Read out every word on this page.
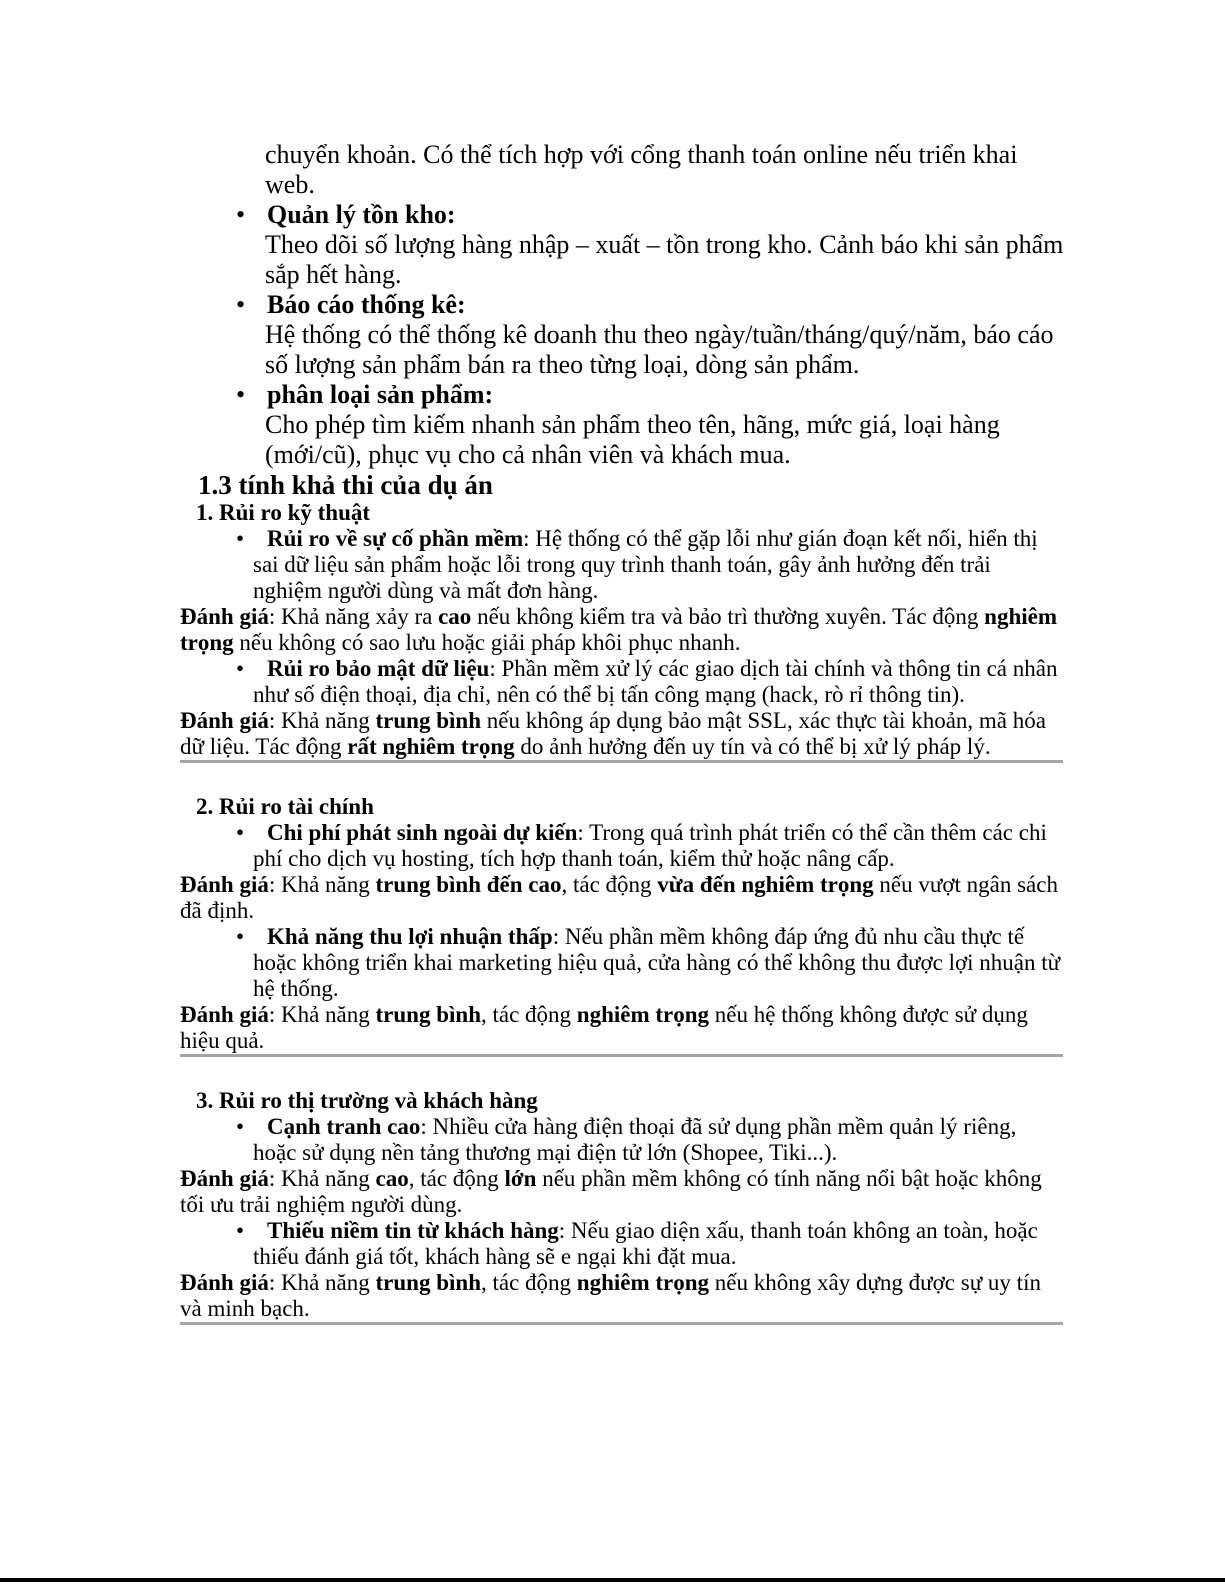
chuyển khoản. Có thể tích hợp với cổng thanh toán online nếu triển khai web.

• Quản lý tồn kho:

Theo dõi số lượng hàng nhập – xuất – tồn trong kho. Cảnh báo khi sản phẩm sắp hết hàng.

• Báo cáo thống kê:

Hệ thống có thể thống kê doanh thu theo ngày/tuần/tháng/quý/năm, báo cáo số lượng sản phẩm bán ra theo từng loại, dòng sản phẩm.

• phân loại sản phẩm:

Cho phép tìm kiếm nhanh sản phẩm theo tên, hãng, mức giá, loại hàng (mới/cũ), phục vụ cho cả nhân viên và khách mua.

1.3 tính khả thi của dụ án
1. Rủi ro kỹ thuật

• Rủi ro về sự cố phần mềm: Hệ thống có thể gặp lỗi như gián đoạn kết nối, hiển thị sai dữ liệu sản phẩm hoặc lỗi trong quy trình thanh toán, gây ảnh hưởng đến trải nghiệm người dùng và mất đơn hàng.

Đánh giá: Khả năng xảy ra cao nếu không kiểm tra và bảo trì thường xuyên. Tác động nghiêm trọng nếu không có sao lưu hoặc giải pháp khôi phục nhanh.

• Rủi ro bảo mật dữ liệu: Phần mềm xử lý các giao dịch tài chính và thông tin cá nhân như số điện thoại, địa chỉ, nên có thể bị tấn công mạng (hack, rò rỉ thông tin).

Đánh giá: Khả năng trung bình nếu không áp dụng bảo mật SSL, xác thực tài khoản, mã hóa dữ liệu. Tác động rất nghiêm trọng do ảnh hưởng đến uy tín và có thể bị xử lý pháp lý.

2. Rủi ro tài chính

• Chi phí phát sinh ngoài dự kiến: Trong quá trình phát triển có thể cần thêm các chi phí cho dịch vụ hosting, tích hợp thanh toán, kiểm thử hoặc nâng cấp.

Đánh giá: Khả năng trung bình đến cao, tác động vừa đến nghiêm trọng nếu vượt ngân sách đã định.

• Khả năng thu lợi nhuận thấp: Nếu phần mềm không đáp ứng đủ nhu cầu thực tế hoặc không triển khai marketing hiệu quả, cửa hàng có thể không thu được lợi nhuận từ hệ thống.

Đánh giá: Khả năng trung bình, tác động nghiêm trọng nếu hệ thống không được sử dụng hiệu quả.

3. Rủi ro thị trường và khách hàng

• Cạnh tranh cao: Nhiều cửa hàng điện thoại đã sử dụng phần mềm quản lý riêng, hoặc sử dụng nền tảng thương mại điện tử lớn (Shopee, Tiki...).

Đánh giá: Khả năng cao, tác động lớn nếu phần mềm không có tính năng nổi bật hoặc không tối ưu trải nghiệm người dùng.

• Thiếu niềm tin từ khách hàng: Nếu giao diện xấu, thanh toán không an toàn, hoặc thiếu đánh giá tốt, khách hàng sẽ e ngại khi đặt mua.

Đánh giá: Khả năng trung bình, tác động nghiêm trọng nếu không xây dựng được sự uy tín và minh bạch.
